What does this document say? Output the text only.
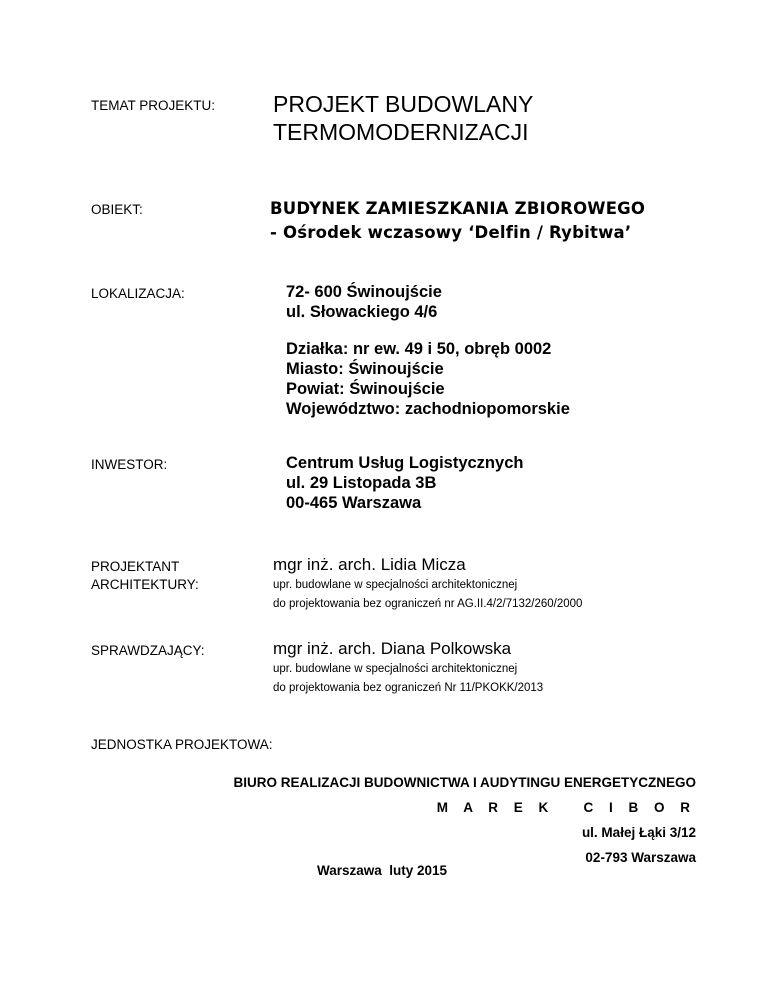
TEMAT PROJEKTU:
OBIEKT:
LOKALIZACJA:
INWESTOR:
PROJEKTANT
ARCHITEKTURY:
SPRAWDZAJĄCY:
JEDNOSTKA PROJEKTOWA:
PROJEKT BUDOWLANY
TERMOMODERNIZACJI
BUDYNEK ZAMIESZKANIA ZBIOROWEGO
- Ośrodek wczasowy ‘Delfin / Rybitwa’
72- 600 Świnoujście
ul. Słowackiego 4/6
Działka: nr ew. 49 i 50, obręb 0002
Miasto: Świnoujście
Powiat: Świnoujście
Województwo: zachodniopomorskie
Centrum Usług Logistycznych
ul. 29 Listopada 3B
00-465 Warszawa
mgr inż. arch. Lidia Micza
upr. budowlane w specjalności architektonicznej
do projektowania bez ograniczeń nr AG.II.4/2/7132/260/2000
mgr inż. arch. Diana Polkowska
upr. budowlane w specjalności architektonicznej
do projektowania bez ograniczeń Nr 11/PKOKK/2013
BIURO REALIZACJI BUDOWNICTWA I AUDYTINGU ENERGETYCZNEGO
M A R E K   C I B O R
ul. Małej Łąki 3/12
02-793 Warszawa
Warszawa  luty 2015
